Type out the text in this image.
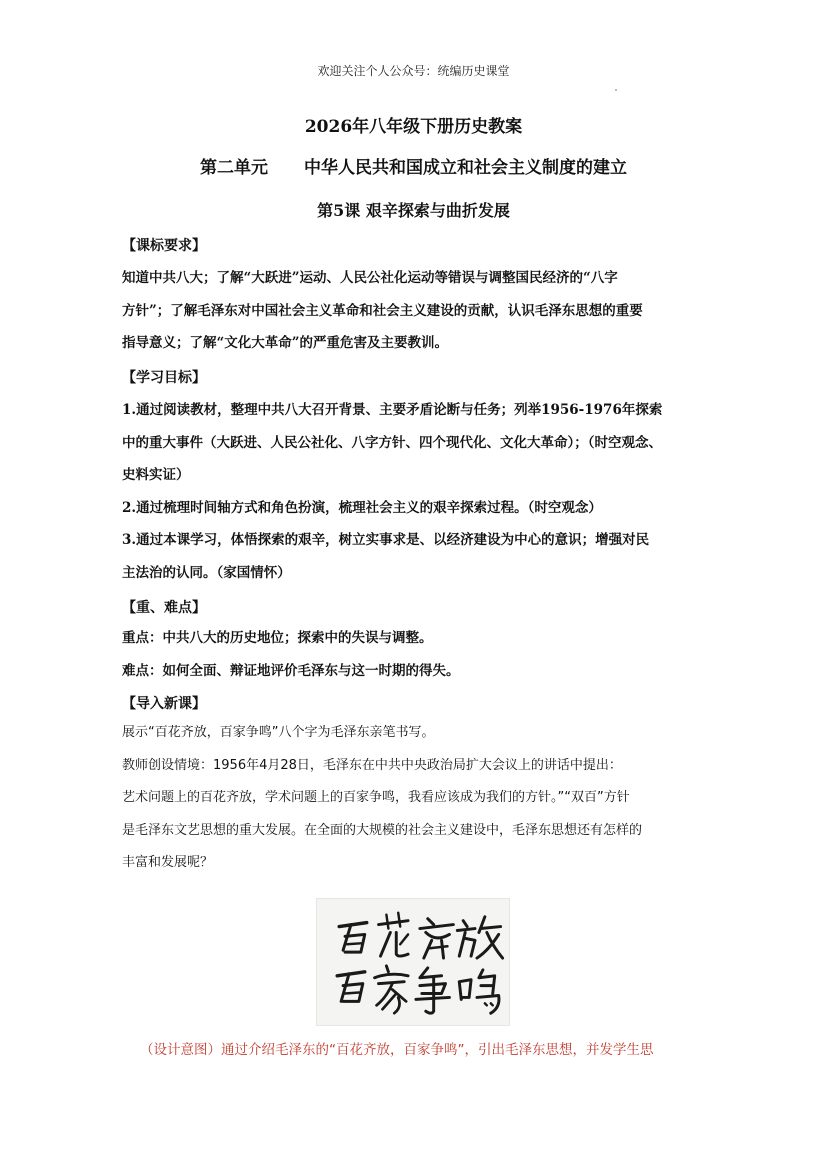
欢迎关注个人公众号：统编历史课堂
2026年八年级下册历史教案
第二单元 中华人民共和国成立和社会主义制度的建立
第5课 艰辛探索与曲折发展

【课标要求】

知道中共八大；了解“大跃进”运动、人民公社化运动等错误与调整国民经济的“八字

方针”；了解毛泽东对中国社会主义革命和社会主义建设的贡献，认识毛泽东思想的重要

指导意义；了解“文化大革命”的严重危害及主要教训。

【学习目标】

1.通过阅读教材，整理中共八大召开背景、主要矛盾论断与任务；列举1956-1976年探索

中的重大事件（大跃进、人民公社化、八字方针、四个现代化、文化大革命）；（时空观念、

史料实证）

2.通过梳理时间轴方式和角色扮演，梳理社会主义的艰辛探索过程。（时空观念）

3.通过本课学习，体悟探索的艰辛，树立实事求是、以经济建设为中心的意识；增强对民

主法治的认同。（家国情怀）

【重、难点】

重点：中共八大的历史地位；探索中的失误与调整。

难点：如何全面、辩证地评价毛泽东与这一时期的得失。

【导入新课】

展示“百花齐放，百家争鸣”八个字为毛泽东亲笔书写。

教师创设情境：1956年4月28日，毛泽东在中共中央政治局扩大会议上的讲话中提出：

艺术问题上的百花齐放，学术问题上的百家争鸣，我看应该成为我们的方针。”“双百”方针

是毛泽东文艺思想的重大发展。在全面的大规模的社会主义建设中，毛泽东思想还有怎样的

丰富和发展呢？

（设计意图）通过介绍毛泽东的“百花齐放，百家争鸣”，引出毛泽东思想，并发学生思
